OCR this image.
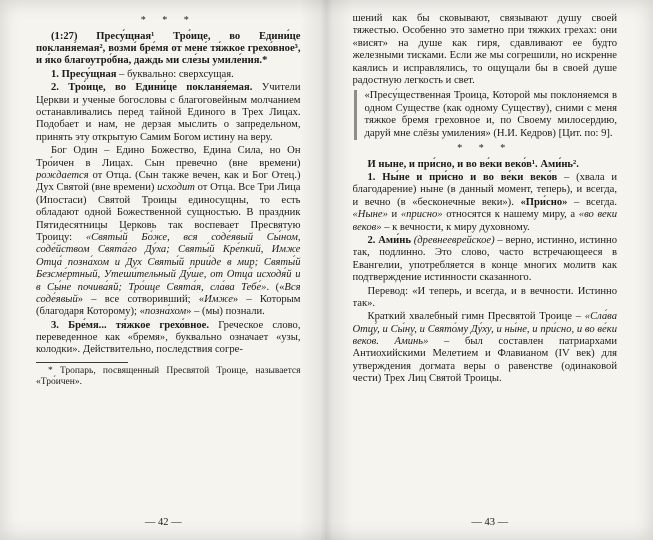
* * *

(1:27) Пресу́щная¹ Тро́ице, во Едини́це покланя́емая², возми́ бре́мя от мене́ тя́жкое грехо́вное³, и я́ко благоутро́бна, даждь ми сле́зы умиле́ния.*

1. Пресу́щная – буквально: сверхсущая.

2. Тро́ице, во Едини́це покланя́емая. Учители Церкви и ученые богословы с благоговейным молчанием останавливались перед тайной Единого в Трех Лицах. Подобает и нам, не дерзая мыслить о запредельном, принять эту открытую Самим Богом истину на веру.

Бог Один – Едино Божество, Едина Сила, но Он Тро́ичен в Лицах. Сын превечно (вне времени) рождается от Отца. (Сын также вечен, как и Бог Отец.) Дух Святой (вне времени) исходит от Отца. Все Три Лица (Ипостаси) Святой Троицы единосущны, то есть обладают одной Божественной сущностью. В праздник Пятидесятницы Церковь так воспевает Пресвятую Троицу: «Святы́й Бо́же, вся соде́явый Сы́ном, соде́йством Свята́го Ду́ха; Святы́й Кре́пкий, Имже Отца́ позна́хом и Дух Святы́й прии́де в мир; Святы́й Безсме́ртный, Утеши́тельный Ду́ше, от Отца́ исходя́й и в Сы́не почива́яй; Тро́ице Свята́я, сла́ва Тебе́». («Вся соде́явый» – все сотворивший; «Имже» – Которым (благодаря Которому); «позна́хом» – (мы) познали.

3. Бре́мя... тя́жкое грехо́вное. Греческое слово, переведенное как «бремя», буквально означает «узы, колодки». Действительно, последствия согре-

* Тропарь, посвященный Пресвятой Троице, называется «Тро́ичен».

— 42 —

шений как бы сковывают, связывают душу своей тяжестью. Особенно это заметно при тяжких грехах: они «висят» на душе как гиря, сдавливают ее будто железными тисками. Если же мы согрешили, но искренне каялись и исправлялись, то ощущали бы в своей душе радостную легкость и свет.

«Пресу́щественная Троица, Которой мы поклоняемся в одном Существе (как одному Существу), сними с меня тяжкое бремя греховное и, по Своему милосердию, даруй мне слёзы умиления» (Н.И. Кедров) [Цит. по: 9].

* * *

И ныне, и при́сно, и во ве́ки веко́в¹. Ами́нь².

1. Ны́не и при́сно и во ве́ки веко́в – (хвала и благодарение) ныне (в данный момент, теперь), и всегда, и вечно (в «бесконечные веки»). «При́сно» – всегда. «Ныне» и «присно» относятся к нашему миру, а «во веки веков» – к вечности, к миру духовному.

2. Ами́нь (древнееврейское) – верно, истинно, истинно так, подлинно. Это слово, часто встречающееся в Евангелии, употребляется в конце многих молитв как подтверждение истинности сказанного.

Перевод: «И теперь, и всегда, и в вечности. Истинно так».

Краткий хвалебный гимн Пресвятой Троице – «Сла́ва Отцу́, и Сы́ну, и Свято́му Ду́ху, и ны́не, и при́сно, и во ве́ки веко́в. Ами́нь» – был составлен патриархами Антиохийскими Мелетием и Флавианом (IV век) для утверждения догмата веры о равенстве (одинаковой чести) Трех Лиц Святой Троицы.

— 43 —
